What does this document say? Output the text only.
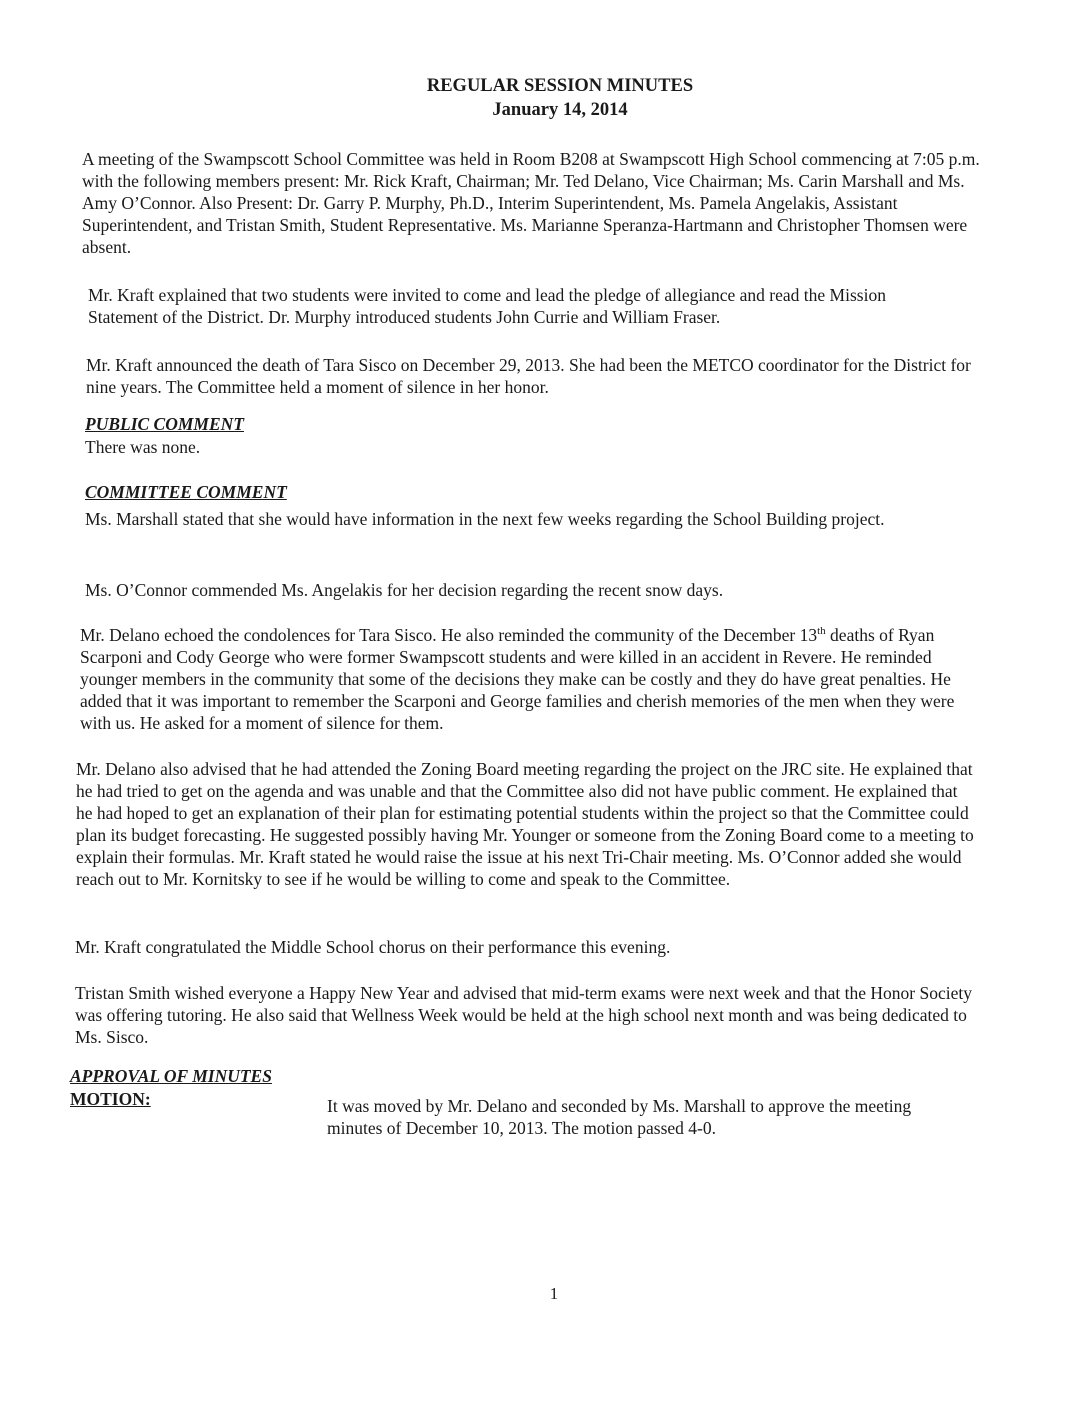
REGULAR SESSION MINUTES
January 14, 2014

A meeting of the Swampscott School Committee was held in Room B208 at Swampscott High School commencing at 7:05 p.m. with the following members present: Mr. Rick Kraft, Chairman; Mr. Ted Delano, Vice Chairman; Ms. Carin Marshall and Ms. Amy O’Connor. Also Present: Dr. Garry P. Murphy, Ph.D., Interim Superintendent, Ms. Pamela Angelakis, Assistant Superintendent, and Tristan Smith, Student Representative. Ms. Marianne Speranza-Hartmann and Christopher Thomsen were absent.

Mr. Kraft explained that two students were invited to come and lead the pledge of allegiance and read the Mission Statement of the District. Dr. Murphy introduced students John Currie and William Fraser.

Mr. Kraft announced the death of Tara Sisco on December 29, 2013. She had been the METCO coordinator for the District for nine years. The Committee held a moment of silence in her honor.

PUBLIC COMMENT

There was none.

COMMITTEE COMMENT

Ms. Marshall stated that she would have information in the next few weeks regarding the School Building project.

Ms. O’Connor commended Ms. Angelakis for her decision regarding the recent snow days.

Mr. Delano echoed the condolences for Tara Sisco. He also reminded the community of the December 13th deaths of Ryan Scarponi and Cody George who were former Swampscott students and were killed in an accident in Revere. He reminded younger members in the community that some of the decisions they make can be costly and they do have great penalties. He added that it was important to remember the Scarponi and George families and cherish memories of the men when they were with us. He asked for a moment of silence for them.

Mr. Delano also advised that he had attended the Zoning Board meeting regarding the project on the JRC site. He explained that he had tried to get on the agenda and was unable and that the Committee also did not have public comment. He explained that he had hoped to get an explanation of their plan for estimating potential students within the project so that the Committee could plan its budget forecasting. He suggested possibly having Mr. Younger or someone from the Zoning Board come to a meeting to explain their formulas. Mr. Kraft stated he would raise the issue at his next Tri-Chair meeting. Ms. O’Connor added she would reach out to Mr. Kornitsky to see if he would be willing to come and speak to the Committee.

Mr. Kraft congratulated the Middle School chorus on their performance this evening.

Tristan Smith wished everyone a Happy New Year and advised that mid-term exams were next week and that the Honor Society was offering tutoring. He also said that Wellness Week would be held at the high school next month and was being dedicated to Ms. Sisco.

APPROVAL OF MINUTES
MOTION:	It was moved by Mr. Delano and seconded by Ms. Marshall to approve the meeting minutes of December 10, 2013. The motion passed 4-0.

1
